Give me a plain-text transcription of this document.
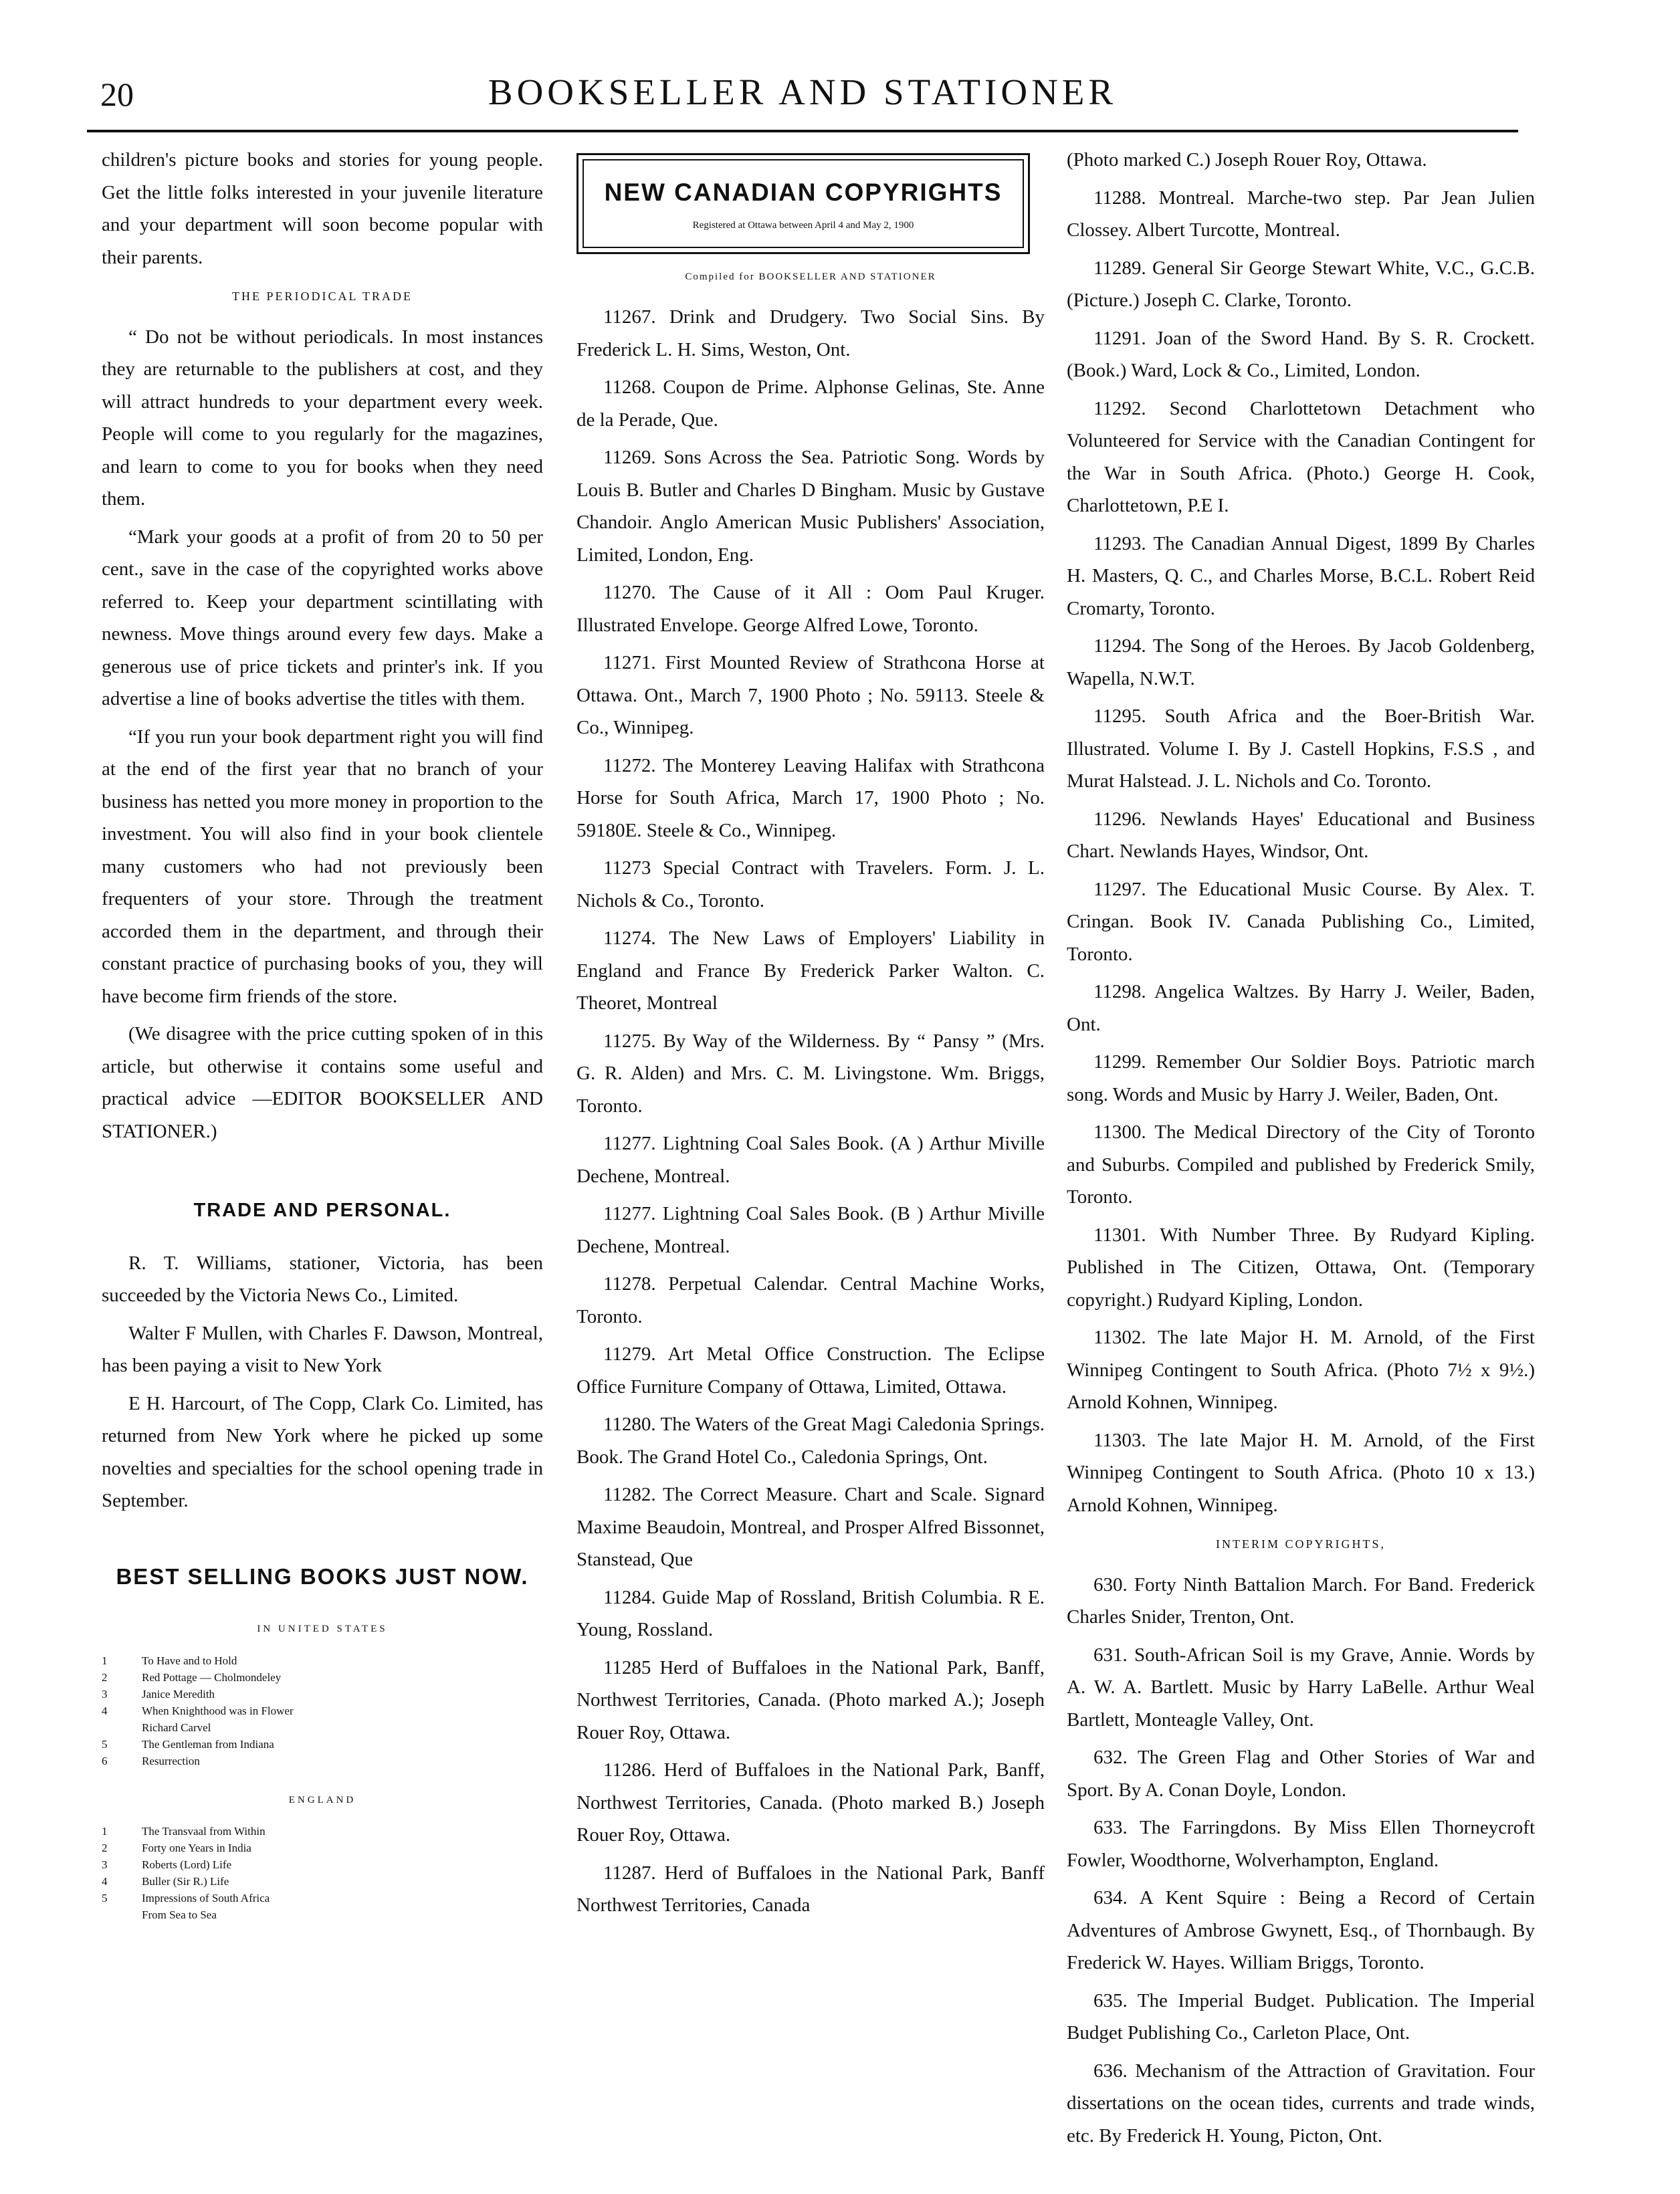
20	BOOKSELLER AND STATIONER

children's picture books and stories for young people. Get the little folks interested in your juvenile literature and your department will soon become popular with their parents.

THE PERIODICAL TRADE

“ Do not be without periodicals. In most instances they are returnable to the publishers at cost, and they will attract hundreds to your department every week. People will come to you regularly for the magazines, and learn to come to you for books when they need them.

“Mark your goods at a profit of from 20 to 50 per cent., save in the case of the copyrighted works above referred to. Keep your department scintillating with newness. Move things around every few days. Make a generous use of price tickets and printer's ink. If you advertise a line of books advertise the titles with them.

“If you run your book department right you will find at the end of the first year that no branch of your business has netted you more money in proportion to the investment. You will also find in your book clientele many customers who had not previously been frequenters of your store. Through the treatment accorded them in the department, and through their constant practice of purchasing books of you, they will have become firm friends of the store.

(We disagree with the price cutting spoken of in this article, but otherwise it contains some useful and practical advice —EDITOR BOOKSELLER AND STATIONER.)

TRADE AND PERSONAL.

R. T. Williams, stationer, Victoria, has been succeeded by the Victoria News Co., Limited.

Walter F Mullen, with Charles F. Dawson, Montreal, has been paying a visit to New York

E H. Harcourt, of The Copp, Clark Co. Limited, has returned from New York where he picked up some novelties and specialties for the school opening trade in September.

BEST SELLING BOOKS JUST NOW.
IN UNITED STATES
1	To Have and to Hold
2	Red Pottage — Cholmondeley
3	Janice Meredith
4	When Knighthood was in Flower
Richard Carvel
5	The Gentleman from Indiana
6	Resurrection
ENGLAND
1	The Transvaal from Within
2	Forty one Years in India
3	Roberts (Lord) Life
4	Buller (Sir R.) Life
5	Impressions of South Africa
From Sea to Sea
NEW CANADIAN COPYRIGHTS
Registered at Ottawa between April 4 and May 2, 1900
Compiled for BOOKSELLER AND STATIONER

11267. Drink and Drudgery. Two Social Sins. By Frederick L. H. Sims, Weston, Ont.

11268. Coupon de Prime. Alphonse Gelinas, Ste. Anne de la Perade, Que.

11269. Sons Across the Sea. Patriotic Song. Words by Louis B. Butler and Charles D Bingham. Music by Gustave Chandoir. Anglo American Music Publishers' Association, Limited, London, Eng.

11270. The Cause of it All : Oom Paul Kruger. Illustrated Envelope. George Alfred Lowe, Toronto.

11271. First Mounted Review of Strathcona Horse at Ottawa. Ont., March 7, 1900 Photo ; No. 59113. Steele & Co., Winnipeg.

11272. The Monterey Leaving Halifax with Strathcona Horse for South Africa, March 17, 1900 Photo ; No. 59180E. Steele & Co., Winnipeg.

11273 Special Contract with Travelers. Form. J. L. Nichols & Co., Toronto.

11274. The New Laws of Employers' Liability in England and France By Frederick Parker Walton. C. Theoret, Montreal

11275. By Way of the Wilderness. By “ Pansy ” (Mrs. G. R. Alden) and Mrs. C. M. Livingstone. Wm. Briggs, Toronto.

11277. Lightning Coal Sales Book. (A ) Arthur Miville Dechene, Montreal.

11277. Lightning Coal Sales Book. (B ) Arthur Miville Dechene, Montreal.

11278. Perpetual Calendar. Central Machine Works, Toronto.

11279. Art Metal Office Construction. The Eclipse Office Furniture Company of Ottawa, Limited, Ottawa.

11280. The Waters of the Great Magi Caledonia Springs. Book. The Grand Hotel Co., Caledonia Springs, Ont.

11282. The Correct Measure. Chart and Scale. Signard Maxime Beaudoin, Montreal, and Prosper Alfred Bissonnet, Stanstead, Que

11284. Guide Map of Rossland, British Columbia. R E. Young, Rossland.

11285 Herd of Buffaloes in the National Park, Banff, Northwest Territories, Canada. (Photo marked A.); Joseph Rouer Roy, Ottawa.

11286. Herd of Buffaloes in the National Park, Banff, Northwest Territories, Canada. (Photo marked B.) Joseph Rouer Roy, Ottawa.

11287. Herd of Buffaloes in the National Park, Banff Northwest Territories, Canada

(Photo marked C.) Joseph Rouer Roy, Ottawa.

11288. Montreal. Marche-two step. Par Jean Julien Clossey. Albert Turcotte, Montreal.

11289. General Sir George Stewart White, V.C., G.C.B. (Picture.) Joseph C. Clarke, Toronto.

11291. Joan of the Sword Hand. By S. R. Crockett. (Book.) Ward, Lock & Co., Limited, London.

11292. Second Charlottetown Detachment who Volunteered for Service with the Canadian Contingent for the War in South Africa. (Photo.) George H. Cook, Charlottetown, P.E I.

11293. The Canadian Annual Digest, 1899 By Charles H. Masters, Q. C., and Charles Morse, B.C.L. Robert Reid Cromarty, Toronto.

11294. The Song of the Heroes. By Jacob Goldenberg, Wapella, N.W.T.

11295. South Africa and the Boer-British War. Illustrated. Volume I. By J. Castell Hopkins, F.S.S , and Murat Halstead. J. L. Nichols and Co. Toronto.

11296. Newlands Hayes' Educational and Business Chart. Newlands Hayes, Windsor, Ont.

11297. The Educational Music Course. By Alex. T. Cringan. Book IV. Canada Publishing Co., Limited, Toronto.

11298. Angelica Waltzes. By Harry J. Weiler, Baden, Ont.

11299. Remember Our Soldier Boys. Patriotic march song. Words and Music by Harry J. Weiler, Baden, Ont.

11300. The Medical Directory of the City of Toronto and Suburbs. Compiled and published by Frederick Smily, Toronto.

11301. With Number Three. By Rudyard Kipling. Published in The Citizen, Ottawa, Ont. (Temporary copyright.) Rudyard Kipling, London.

11302. The late Major H. M. Arnold, of the First Winnipeg Contingent to South Africa. (Photo 7½ x 9½.) Arnold Kohnen, Winnipeg.

11303. The late Major H. M. Arnold, of the First Winnipeg Contingent to South Africa. (Photo 10 x 13.) Arnold Kohnen, Winnipeg.

INTERIM COPYRIGHTS,

630. Forty Ninth Battalion March. For Band. Frederick Charles Snider, Trenton, Ont.

631. South-African Soil is my Grave, Annie. Words by A. W. A. Bartlett. Music by Harry LaBelle. Arthur Weal Bartlett, Monteagle Valley, Ont.

632. The Green Flag and Other Stories of War and Sport. By A. Conan Doyle, London.

633. The Farringdons. By Miss Ellen Thorneycroft Fowler, Woodthorne, Wolverhampton, England.

634. A Kent Squire : Being a Record of Certain Adventures of Ambrose Gwynett, Esq., of Thornbaugh. By Frederick W. Hayes. William Briggs, Toronto.

635. The Imperial Budget. Publication. The Imperial Budget Publishing Co., Carleton Place, Ont.

636. Mechanism of the Attraction of Gravitation. Four dissertations on the ocean tides, currents and trade winds, etc. By Frederick H. Young, Picton, Ont.
